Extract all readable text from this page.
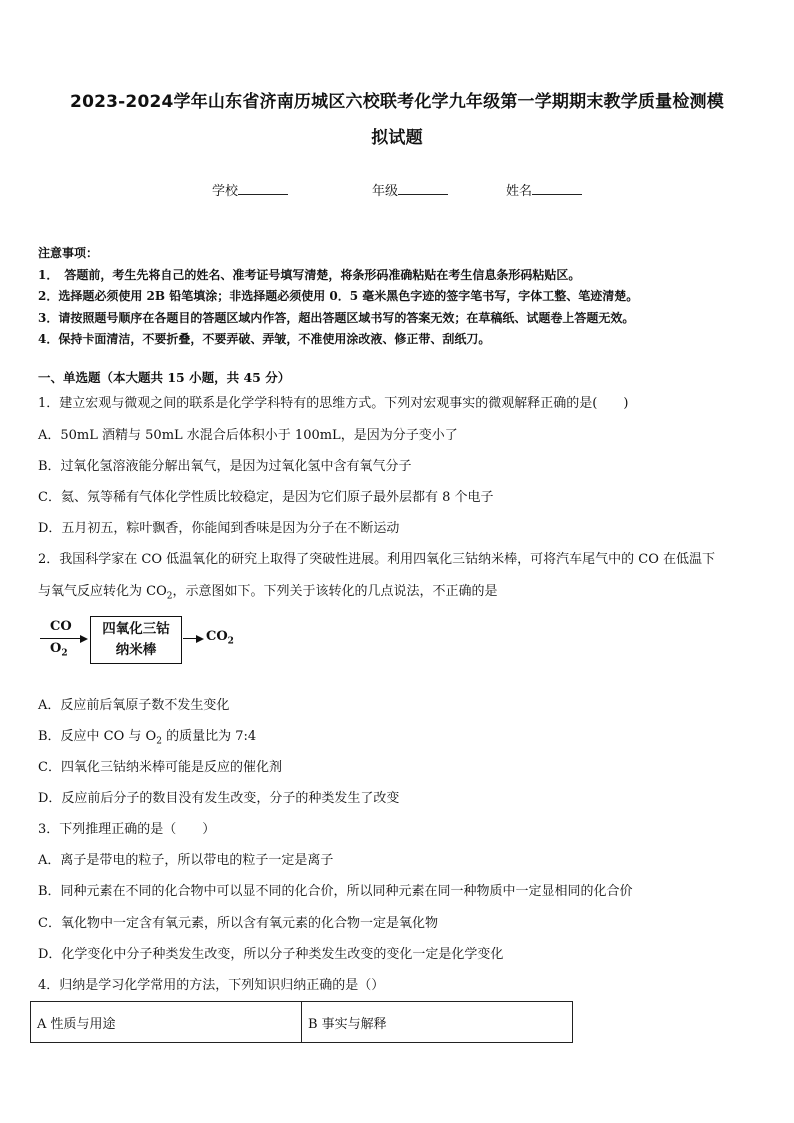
2023-2024学年山东省济南历城区六校联考化学九年级第一学期期末教学质量检测模
拟试题
学校	年级	姓名
注意事项：
1．　答题前，考生先将自己的姓名、准考证号填写清楚，将条形码准确粘贴在考生信息条形码粘贴区。
2．选择题必须使用 2B 铅笔填涂；非选择题必须使用 0．5 毫米黑色字迹的签字笔书写，字体工整、笔迹清楚。
3．请按照题号顺序在各题目的答题区域内作答，超出答题区域书写的答案无效；在草稿纸、试题卷上答题无效。
4．保持卡面清洁，不要折叠，不要弄破、弄皱，不准使用涂改液、修正带、刮纸刀。
一、单选题（本大题共 15 小题，共 45 分）
1．建立宏观与微观之间的联系是化学学科特有的思维方式。下列对宏观事实的微观解释正确的是(　　)
A．50mL 酒精与 50mL 水混合后体积小于 100mL，是因为分子变小了
B．过氧化氢溶液能分解出氧气，是因为过氧化氢中含有氧气分子
C．氦、氖等稀有气体化学性质比较稳定，是因为它们原子最外层都有 8 个电子
D．五月初五，粽叶飘香，你能闻到香味是因为分子在不断运动
2．我国科学家在 CO 低温氧化的研究上取得了突破性进展。利用四氧化三钴纳米棒，可将汽车尾气中的 CO 在低温下
与氧气反应转化为 $CO_2$，示意图如下。下列关于该转化的几点说法，不正确的是
CO
$O_2$
四氧化三钴
纳米棒
$CO_2$
A．反应前后氧原子数不发生变化
B．反应中 CO 与 $O_2$ 的质量比为 7:4
C．四氧化三钴纳米棒可能是反应的催化剂
D．反应前后分子的数目没有发生改变，分子的种类发生了改变
3．下列推理正确的是（　　）
A．离子是带电的粒子，所以带电的粒子一定是离子
B．同种元素在不同的化合物中可以显不同的化合价，所以同种元素在同一种物质中一定显相同的化合价
C．氧化物中一定含有氧元素，所以含有氧元素的化合物一定是氧化物
D．化学变化中分子种类发生改变，所以分子种类发生改变的变化一定是化学变化
4．归纳是学习化学常用的方法，下列知识归纳正确的是（）
A 性质与用途	B 事实与解释
